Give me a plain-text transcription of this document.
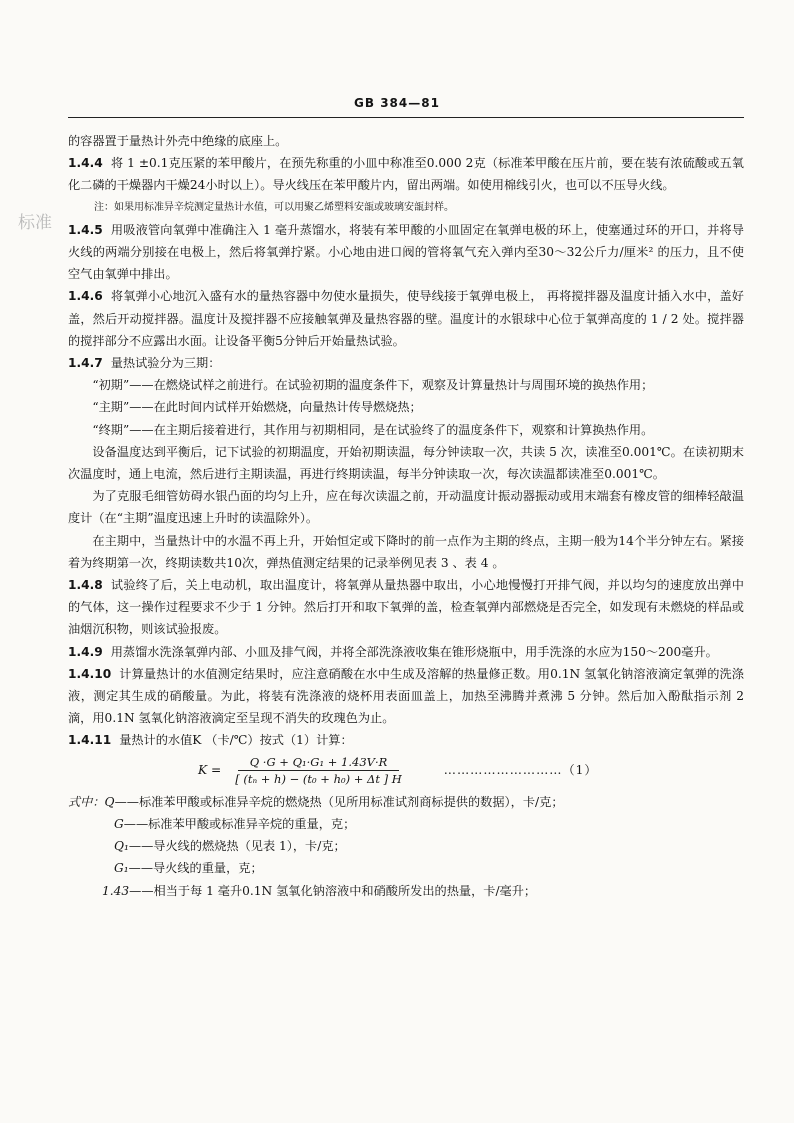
GB 384—81
标准

的容器置于量热计外壳中绝缘的底座上。

1.4.4 将 1 ±0.1克压紧的苯甲酸片，在预先称重的小皿中称准至0.000 2克（标准苯甲酸在压片前，要在装有浓硫酸或五氧化二磷的干燥器内干燥24小时以上）。导火线压在苯甲酸片内，留出两端。如使用棉线引火，也可以不压导火线。

注：如果用标准异辛烷测定量热计水值，可以用聚乙烯塑料安瓿或玻璃安瓿封样。

1.4.5 用吸液管向氧弹中准确注入 1 毫升蒸馏水，将装有苯甲酸的小皿固定在氧弹电极的环上，使塞通过环的开口，并将导火线的两端分别接在电极上，然后将氧弹拧紧。小心地由进口阀的管将氧气充入弹内至30～32公斤力/厘米² 的压力，且不使空气由氧弹中排出。

1.4.6 将氧弹小心地沉入盛有水的量热容器中勿使水量损失，使导线接于氧弹电极上， 再将搅拌器及温度计插入水中，盖好盖，然后开动搅拌器。温度计及搅拌器不应接触氧弹及量热容器的壁。温度计的水银球中心位于氧弹高度的 1 / 2 处。搅拌器的搅拌部分不应露出水面。让设备平衡5分钟后开始量热试验。

1.4.7 量热试验分为三期：

“初期”——在燃烧试样之前进行。在试验初期的温度条件下，观察及计算量热计与周围环境的换热作用；

“主期”——在此时间内试样开始燃烧，向量热计传导燃烧热；

“终期”——在主期后接着进行，其作用与初期相同，是在试验终了的温度条件下，观察和计算换热作用。

设备温度达到平衡后，记下试验的初期温度，开始初期读温，每分钟读取一次，共读 5 次，读准至0.001℃。在读初期末次温度时，通上电流，然后进行主期读温，再进行终期读温，每半分钟读取一次，每次读温都读准至0.001℃。

为了克服毛细管妨碍水银凸面的均匀上升，应在每次读温之前，开动温度计振动器振动或用末端套有橡皮管的细棒轻敲温度计（在“主期”温度迅速上升时的读温除外）。

在主期中，当量热计中的水温不再上升，开始恒定或下降时的前一点作为主期的终点，主期一般为14个半分钟左右。紧接着为终期第一次，终期读数共10次，弹热值测定结果的记录举例见表 3 、表 4 。

1.4.8 试验终了后，关上电动机，取出温度计，将氧弹从量热器中取出，小心地慢慢打开排气阀，并以均匀的速度放出弹中的气体，这一操作过程要求不少于 1 分钟。然后打开和取下氧弹的盖，检查氧弹内部燃烧是否完全，如发现有未燃烧的样品或油烟沉积物，则该试验报废。

1.4.9 用蒸馏水洗涤氧弹内部、小皿及排气阀，并将全部洗涤液收集在锥形烧瓶中，用手洗涤的水应为150～200毫升。

1.4.10 计算量热计的水值测定结果时，应注意硝酸在水中生成及溶解的热量修正数。用0.1N 氢氧化钠溶液滴定氧弹的洗涤液，测定其生成的硝酸量。为此，将装有洗涤液的烧杯用表面皿盖上，加热至沸腾并煮沸 5 分钟。然后加入酚酞指示剂 2 滴，用0.1N 氢氧化钠溶液滴定至呈现不消失的玫瑰色为止。

1.4.11 量热计的水值K （卡/℃）按式（1）计算：

$K = \frac{\text{Q ·G + Q₁·G₁ + 1.43V·R}}{\text{[ (tₙ + h) − (t₀ + h₀) + Δt ] H}}$	………………………（1）
式中：Q ——标准苯甲酸或标准异辛烷的燃烧热（见所用标准试剂商标提供的数据），卡/克；
G ——标准苯甲酸或标准异辛烷的重量，克；
Q₁ ——导火线的燃烧热（见表 1），卡/克；
G₁ ——导火线的重量，克；
1.43 ——相当于每 1 毫升0.1N 氢氧化钠溶液中和硝酸所发出的热量，卡/毫升；
